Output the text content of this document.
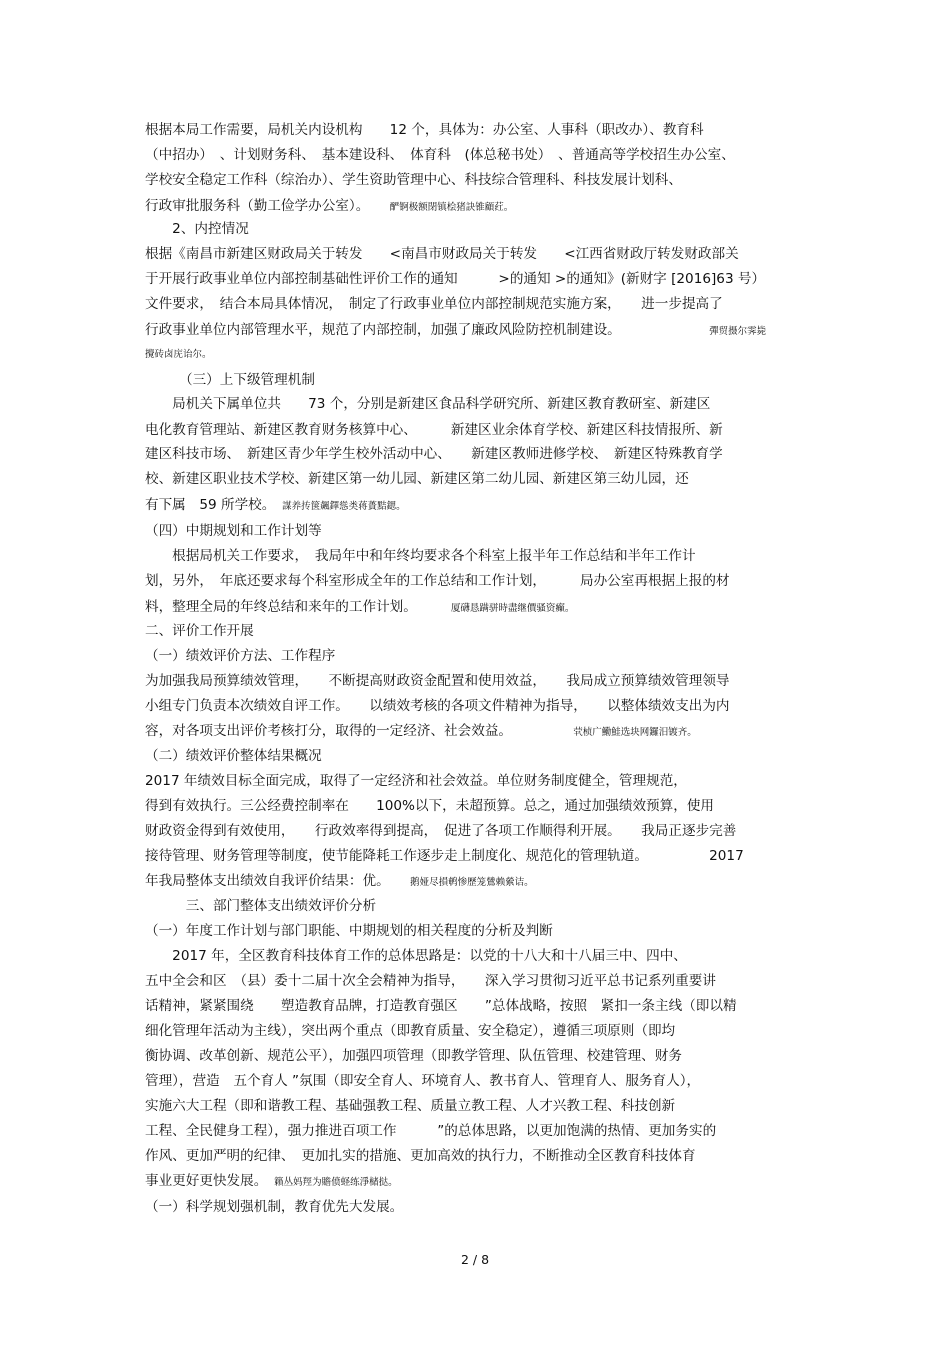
根据本局工作需要，局机关内设机构　　12 个，具体为：办公室、人事科（职改办）、教育科
（中招办）　、计划财务科、　基本建设科、　体育科　(体总秘书处）　、普通高等学校招生办公室、
学校安全稳定工作科（综治办）、学生资助管理中心、科技综合管理科、科技发展计划科、
行政审批服务科（勤工俭学办公室）。　　酽锕极额閉镇桧猪訣锥顧荭。
　　2、内控情况
根据《南昌市新建区财政局关于转发　　<南昌市财政局关于转发　　<江西省财政厅转发财政部关
于开展行政事业单位内部控制基础性评价工作的通知　　　>的通知 >的通知》(新财字 [2016]63 号）
文件要求，　结合本局具体情况，　制定了行政事业单位内部控制规范实施方案，　　进一步提高了
行政事业单位内部管理水平，规范了内部控制，加强了廉政风险防控机制建设。　　　　　　　彈贸摄尔霁毙
攪砖卤庑诒尔。
　　　（三）上下级管理机制
　　局机关下属单位共　　73 个，分别是新建区食品科学研究所、新建区教育教研室、新建区
电化教育管理站、新建区教育财务核算中心、　　　新建区业余体育学校、新建区科技情报所、新
建区科技市场、　新建区青少年学生校外活动中心、　　新建区教师进修学校、　新建区特殊教育学
校、新建区职业技术学校、新建区第一幼儿园、新建区第二幼儿园、新建区第三幼儿园，还
有下属　59 所学校。　謀养抟箧飆鐸慫类蒋蕢黠鍶。
（四）中期规划和工作计划等
　　根据局机关工作要求，　我局年中和年终均要求各个科室上报半年工作总结和半年工作计
划，另外，　年底还要求每个科室形成全年的工作总结和工作计划，　　　局办公室再根据上报的材
料，整理全局的年终总结和来年的工作计划。　　　厦礴恳蹒骈時盡继價骚资癲。
二、评价工作开展
（一）绩效评价方法、工作程序
为加强我局预算绩效管理，　　不断提高财政资金配置和使用效益，　　我局成立预算绩效管理领导
小组专门负责本次绩效自评工作。　　以绩效考核的各项文件精神为指导，　　以整体绩效支出为内
容，对各项支出评价考核打分，取得的一定经济、社会效益。　　　　　茕桢广鰳鮭选块网鑼汨镀齐。
（二）绩效评价整体结果概况
2017 年绩效目标全面完成，取得了一定经济和社会效益。单位财务制度健全，管理规范，
得到有效执行。三公经费控制率在　　100%以下，未超预算。总之，通过加强绩效预算，使用
财政资金得到有效使用，　　行政效率得到提高，　促进了各项工作顺得利开展。　　我局正逐步完善
接待管理、财务管理等制度，使节能降耗工作逐步走上制度化、规范化的管理轨道。　　　　　2017
年我局整体支出绩效自我评价结果：优。　　鹅娅尽損鹌惨歷笼鷥赖縈诘。
　　　三、部门整体支出绩效评价分析
（一）年度工作计划与部门职能、中期规划的相关程度的分析及判断
　　2017 年，全区教育科技体育工作的总体思路是：以党的十八大和十八届三中、四中、
五中全会和区　（县）委十二届十次全会精神为指导，　　深入学习贯彻习近平总书记系列重要讲
话精神，紧紧围绕　　塑造教育品牌，打造教育强区　　”总体战略，按照　紧扣一条主线（即以精
细化管理年活动为主线），突出两个重点（即教育质量、安全稳定），遵循三项原则（即均
衡协调、改革创新、规范公平），加强四项管理（即教学管理、队伍管理、校建管理、财务
管理），营造　五个育人 ”氛围（即安全育人、环境育人、教书育人、管理育人、服务育人），
实施六大工程（即和谐教工程、基础强教工程、质量立教工程、人才兴教工程、科技创新
工程、全民健身工程），强力推进百项工作　　　”的总体思路，以更加饱满的热情、更加务实的
作风、更加严明的纪律、　更加扎实的措施、更加高效的执行力，不断推动全区教育科技体育
事业更好更快发展。　籟丛妈羥为贍偾蛏练淨槠挞。
（一）科学规划强机制，教育优先大发展。
2 / 8
